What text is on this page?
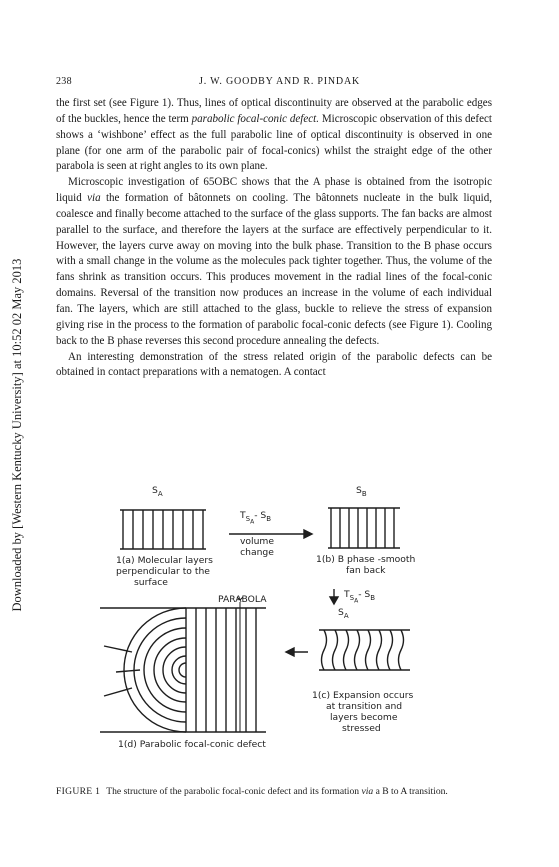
Downloaded by [Western Kentucky University] at 10:52 02 May 2013
238	J. W. GOODBY AND R. PINDAK

the first set (see Figure 1). Thus, lines of optical discontinuity are observed at the parabolic edges of the buckles, hence the term parabolic focal-conic defect. Microscopic observation of this defect shows a ‘wishbone’ effect as the full parabolic line of optical discontinuity is observed in one plane (for one arm of the parabolic pair of focal-conics) whilst the straight edge of the other parabola is seen at right angles to its own plane.

Microscopic investigation of 65OBC shows that the A phase is obtained from the isotropic liquid via the formation of bâtonnets on cooling. The bâtonnets nucleate in the bulk liquid, coalesce and finally become attached to the surface of the glass supports. The fan backs are almost parallel to the surface, and therefore the layers at the surface are effectively perpendicular to it. However, the layers curve away on moving into the bulk phase. Transition to the B phase occurs with a small change in the volume as the molecules pack tighter together. Thus, the volume of the fans shrink as transition occurs. This produces movement in the radial lines of the focal-conic domains. Reversal of the transition now produces an increase in the volume of each individual fan. The layers, which are still attached to the glass, buckle to relieve the stress of expansion giving rise in the process to the formation of parabolic focal-conic defects (see Figure 1). Cooling back to the B phase reverses this second procedure annealing the defects.

An interesting demonstration of the stress related origin of the parabolic defects can be obtained in contact preparations with a nematogen. A contact

$S_A$	$S_B$
$T_{S_A}-$ $S_B$
volume
change
1(a) Molecular layers
perpendicular to the
surface
1(b) B phase -smooth
fan back
$T_{S_A}-$ $S_B$
$S_A$
PARABOLA
1(c) Expansion occurs
at transition and
layers become
stressed
1(d) Parabolic focal-conic defect
FIGURE 1 The structure of the parabolic focal-conic defect and its formation via a B to A transition.
